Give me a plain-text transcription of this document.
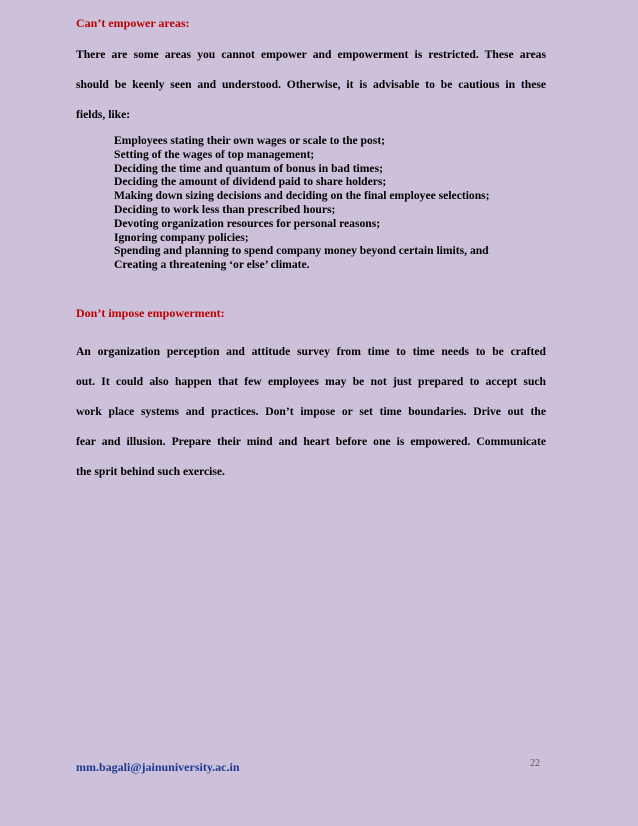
Can’t empower areas:
There are some areas you cannot empower and empowerment is restricted. These areas
should be keenly seen and understood. Otherwise, it is advisable to be cautious in these
fields, like:
Employees stating their own wages or scale to the post;
Setting of the wages of top management;
Deciding the time and quantum of bonus in bad times;
Deciding the amount of dividend paid to share holders;
Making down sizing decisions and deciding on the final employee selections;
Deciding to work less than prescribed hours;
Devoting organization resources for personal reasons;
Ignoring company policies;
Spending and planning to spend company money beyond certain limits, and
Creating a threatening ‘or else’ climate.
Don’t impose empowerment:
An organization perception and attitude survey from time to time needs to be crafted
out. It could also happen that few employees may be not just prepared to accept such
work place systems and practices. Don’t impose or set time boundaries. Drive out the
fear and illusion. Prepare their mind and heart before one is empowered. Communicate
the sprit behind such exercise.
mm.bagali@jainuniversity.ac.in	22
